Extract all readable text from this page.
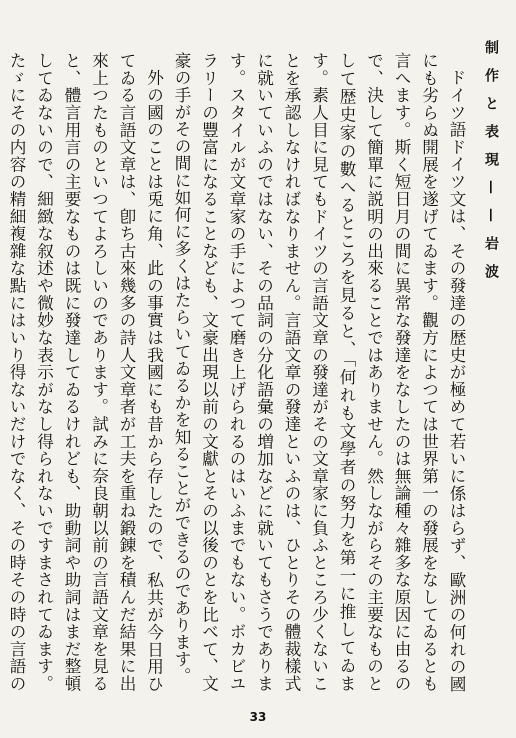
制作と表現——岩波

ドイツ語ドイツ文は、その發達の歴史が極めて若いに係はらず、歐洲の何れの國にも劣らぬ開展を遂げてゐます。觀方によつては世界第一の發展をなしてゐるとも言へます。斯く短日月の間に異常な發達をなしたのは無論種々雜多な原因に由るので、決して簡單に説明の出來ることではありません。然しながらその主要なものとして歴史家の數へるところを見ると、「何れも文學者の努力を第一に推してゐます。素人目に見てもドイツの言語文章の發達がその文章家に負ふところ少くないことを承認しなければなりません。言語文章の發達といふのは、ひとりその體裁樣式に就いていふのではない、その品詞の分化語彙の増加などに就いてもさうであります。スタイルが文章家の手によつて磨き上げられるのはいふまでもない。ボカビユラリーの豐富になることなども、文豪出現以前の文獻とその以後のとを比べて、文豪の手がその間に如何に多くはたらいてゐるかを知ることができるのであります。

外の國のことは兎に角、此の事實は我國にも昔から存したので、私共が今日用ひてゐる言語文章は、卽ち古來幾多の詩人文章者が工夫を重ね鍛錬を積んだ結果に出來上つたものといつてよろしいのであります。試みに奈良朝以前の言語文章を見ると、體言用言の主要なものは既に發達してゐるけれども、助動詞や助詞はまだ整頓してゐないので、細緻な叙述や微妙な表示がなし得られないですまされてゐます。たゞにその内容の精細複雜な點にはいり得ないだけでなく、その時その時の言語の

33
